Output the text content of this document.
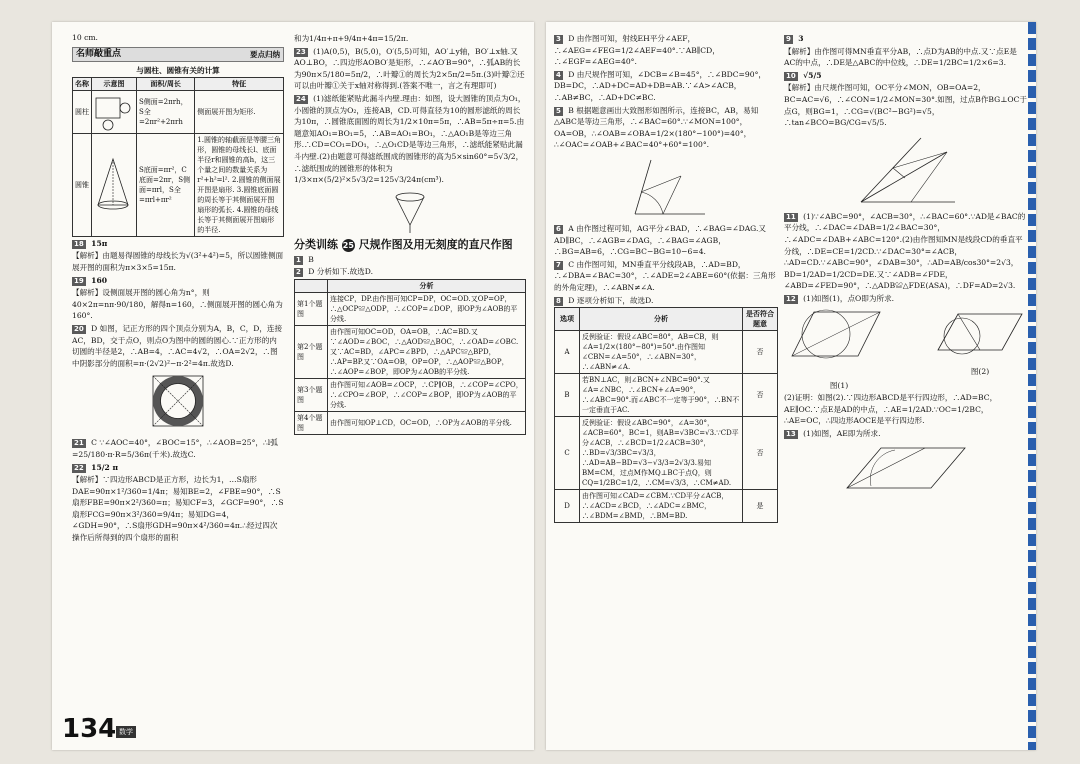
10 cm.
名师敲重点	要点归纳
与圆柱、圆锥有关的计算
名称	示意图	面积/周长	特征
圆柱		S侧面=2πrh，S全=2πr²+2πrh	侧面展开图为矩形.
圆锥		S底面=πr²，C底面=2πr，S侧面=πrl，S全=πrl+πr²	1.圆锥的轴截面是等腰三角形，圆锥的母线长l、底面半径r和圆锥的高h，这三个量之间的数量关系为r²+h²=l². 2.圆锥的侧面展开图是扇形. 3.圆锥底面圆的周长等于其侧面展开图扇形的弧长. 4.圆锥的母线长等于其侧面展开图扇形的半径.
18 15π
【解析】由题易得圆锥的母线长为√(3²+4²)=5，所以圆锥侧面展开图的面积为π×3×5=15π.
19 160
【解析】设侧面展开图的圆心角为n°，则40×2π=nπ·90/180，解得n=160，∴侧面展开图的圆心角为160°.
20 D 如图，记正方形的四个顶点分别为A，B，C，D，连接AC，BD，交于点O，则点O为图中的圆的圆心.∵正方形的内切圆的半径是2，∴AB=4，∴AC=4√2，∴OA=2√2，∴图中阴影部分的面积=π·(2√2)²−π·2²=4π.故选D.
21 C ∵∠AOC=40°，∠BOC=15°，∴∠AOB=25°，∴l弧=25/180·π·R=5/36π(千米).故选C.
22 15/2 π
【解析】∵四边形ABCD是正方形，边长为1，…S扇形DAE=90π×1²/360=1/4π；易知BE=2，∠FBE=90°，∴S扇形FBE=90π×2²/360=π；易知CF=3，∠GCF=90°，∴S扇形FCG=90π×3²/360=9/4π；易知DG=4，∠GDH=90°，∴S扇形GDH=90π×4²/360=4π.∴经过四次操作后所得到的四个扇形的面积
和为1/4π+π+9/4π+4π=15/2π.
23 (1)A(0,5)，B(5,0)，O′(5,5)可知，AO′⊥y轴，BO′⊥x轴.又AO⊥BO，∴四边形AOBO′是矩形，∴∠AO′B=90°，∴弧AB的长为90π×5/180=5π/2，∴叶瓣①的周长为2×5π/2=5π.(3)叶瓣②还可以由叶瓣①关于x轴对称得到.(答案不唯一，言之有理即可)
24 (1)滤纸能紧贴此漏斗内壁.理由：如图，设大圆锥的顶点为O₁，小圆锥的顶点为O₂，连接AB，CD.可得直径为10的圆形滤纸的周长为10π，∴圆锥底面圆的周长为1/2×10π=5π，∴AB=5π÷π=5.由题意知AO₁=BO₁=5，∴AB=AO₁=BO₁，∴△AO₁B是等边三角形.∴CD=CO₁=DO₁，∴△O₁CD是等边三角形，∴滤纸能紧贴此漏斗内壁.(2)由题意可得滤纸围成的圆锥形的高为5×sin60°=5√3/2，∴滤纸围成的圆锥形的体积为1/3×π×(5/2)²×5√3/2=125√3/24π(cm³).
分类训练 25 尺规作图及用无刻度的直尺作图
1 B
2 D 分析如下.故选D.
	分析
第1个题图	连接CP，DP.由作图可知CP=DP，OC=OD.又OP=OP，∴△OCP≌△ODP，∴∠COP=∠DOP，即OP为∠AOB的平分线.
第2个题图	由作图可知OC=OD，OA=OB，∴AC=BD.又∵∠AOD=∠BOC，∴△AOD≌△BOC，∴∠OAD=∠OBC.又∵AC=BD，∠APC=∠BPD，∴△APC≌△BPD，∴AP=BP.又∵OA=OB，OP=OP，∴△AOP≌△BOP，∴∠AOP=∠BOP，即OP为∠AOB的平分线.
第3个题图	由作图可知∠AOB=∠OCP，∴CP∥OB，∴∠COP=∠CPO，∴∠CPO=∠BOP，∴∠COP=∠BOP，即OP为∠AOB的平分线.
第4个题图	由作图可知OP⊥CD，OC=OD，∴OP为∠AOB的平分线.
134 数学
3 D 由作图可知，射线EH平分∠AEF，∴∠AEG=∠FEG=1/2∠AEF=40°.∵AB∥CD，∴∠EGF=∠AEG=40°.
4 D 由尺规作图可知，∠DCB=∠B=45°，∴∠BDC=90°，DB=DC，∴AD+DC=AD+DB=AB.∵∠A>∠ACB，∴AB≠BC，∴AD+DC≠BC.
5 B 根据题意画出大致图形如图所示，连接BC，AB，易知△ABC是等边三角形，∴∠BAC=60°.∵∠MON=100°，OA=OB，∴∠OAB=∠OBA=1/2×(180°−100°)=40°，∴∠OAC=∠OAB+∠BAC=40°+60°=100°.
6 A 由作图过程可知，AG平分∠BAD，∴∠BAG=∠DAG.又AD∥BC，∴∠AGB=∠DAG，∴∠BAG=∠AGB，∴BG=AB=6，∴CG=BC−BG=10−6=4.
7 C 由作图可知，MN垂直平分线段AB，∴AD=BD，∴∠DBA=∠BAC=30°，∴∠ADE=2∠ABE=60°(依据：三角形的外角定理)，∴∠ABN≠∠A.
8 D 逐项分析如下，故选D.
选项	分析	是否符合题意
A	反例验证：假设∠ABC=80°，AB=CB，则∠A=1/2×(180°−80°)=50°.由作图知∠CBN=∠A=50°，∴∠ABN=30°，∴∠ABN≠∠A.	否
B	若BN⊥AC，则∠BCN+∠NBC=90°.又∠A=∠NBC，∴∠BCN+∠A=90°，∴∠ABC=90°.而∠ABC不一定等于90°，∴BN不一定垂直于AC.	否
C	反例验证：假设∠ABC=90°，∠A=30°，∠ACB=60°，BC=1，则AB=√3BC=√3.∵CD平分∠ACB，∴∠BCD=1/2∠ACB=30°，∴BD=√3/3BC=√3/3，∴AD=AB−BD=√3−√3/3=2√3/3.易知BM=CM，过点M作MQ⊥BC于点Q，则CQ=1/2BC=1/2，∴CM=√3/3，∴CM≠AD.	否
D	由作图可知∠CAD=∠CBM.∵CD平分∠ACB，∴∠ACD=∠BCD，∴∠ADC=∠BMC，∴∠BDM=∠BMD，∴BM=BD.	是
9 3
【解析】由作图可得MN垂直平分AB，∴点D为AB的中点.又∵点E是AC的中点，∴DE是△ABC的中位线，∴DE=1/2BC=1/2×6=3.
10 √5/5
【解析】由尺规作图可知，OC平分∠MON，OB=OA=2，BC=AC=√6，∴∠CON=1/2∠MON=30°.如图，过点B作BG⊥OC于点G，则BG=1，∴CG=√(BC²−BG²)=√5，∴tan∠BCO=BG/CG=√5/5.
11 (1)∵∠ABC=90°，∠ACB=30°，∴∠BAC=60°.∵AD是∠BAC的平分线，∴∠DAC=∠DAB=1/2∠BAC=30°，∴∠ADC=∠DAB+∠ABC=120°.(2)由作图知MN是线段CD的垂直平分线，∴DE=CE=1/2CD.∵∠DAC=30°=∠ACB，∴AD=CD.∵∠ABC=90°，∠DAB=30°，∴AD=AB/cos30°=2√3，BD=1/2AD=1/2CD=DE.又∵∠ADB=∠FDE，∠ABD=∠FED=90°，∴△ADB≌△FDE(ASA)，∴DF=AD=2√3.
12 (1)如图(1)，点O即为所求.
图(1)
图(2)
(2)证明：如图(2).∵四边形ABCD是平行四边形，∴AD=BC，AE∥OC.∵点E是AD的中点，∴AE=1/2AD.∵OC=1/2BC，∴AE=OC，∴四边形AOCE是平行四边形.
13 (1)如图，AE即为所求.
